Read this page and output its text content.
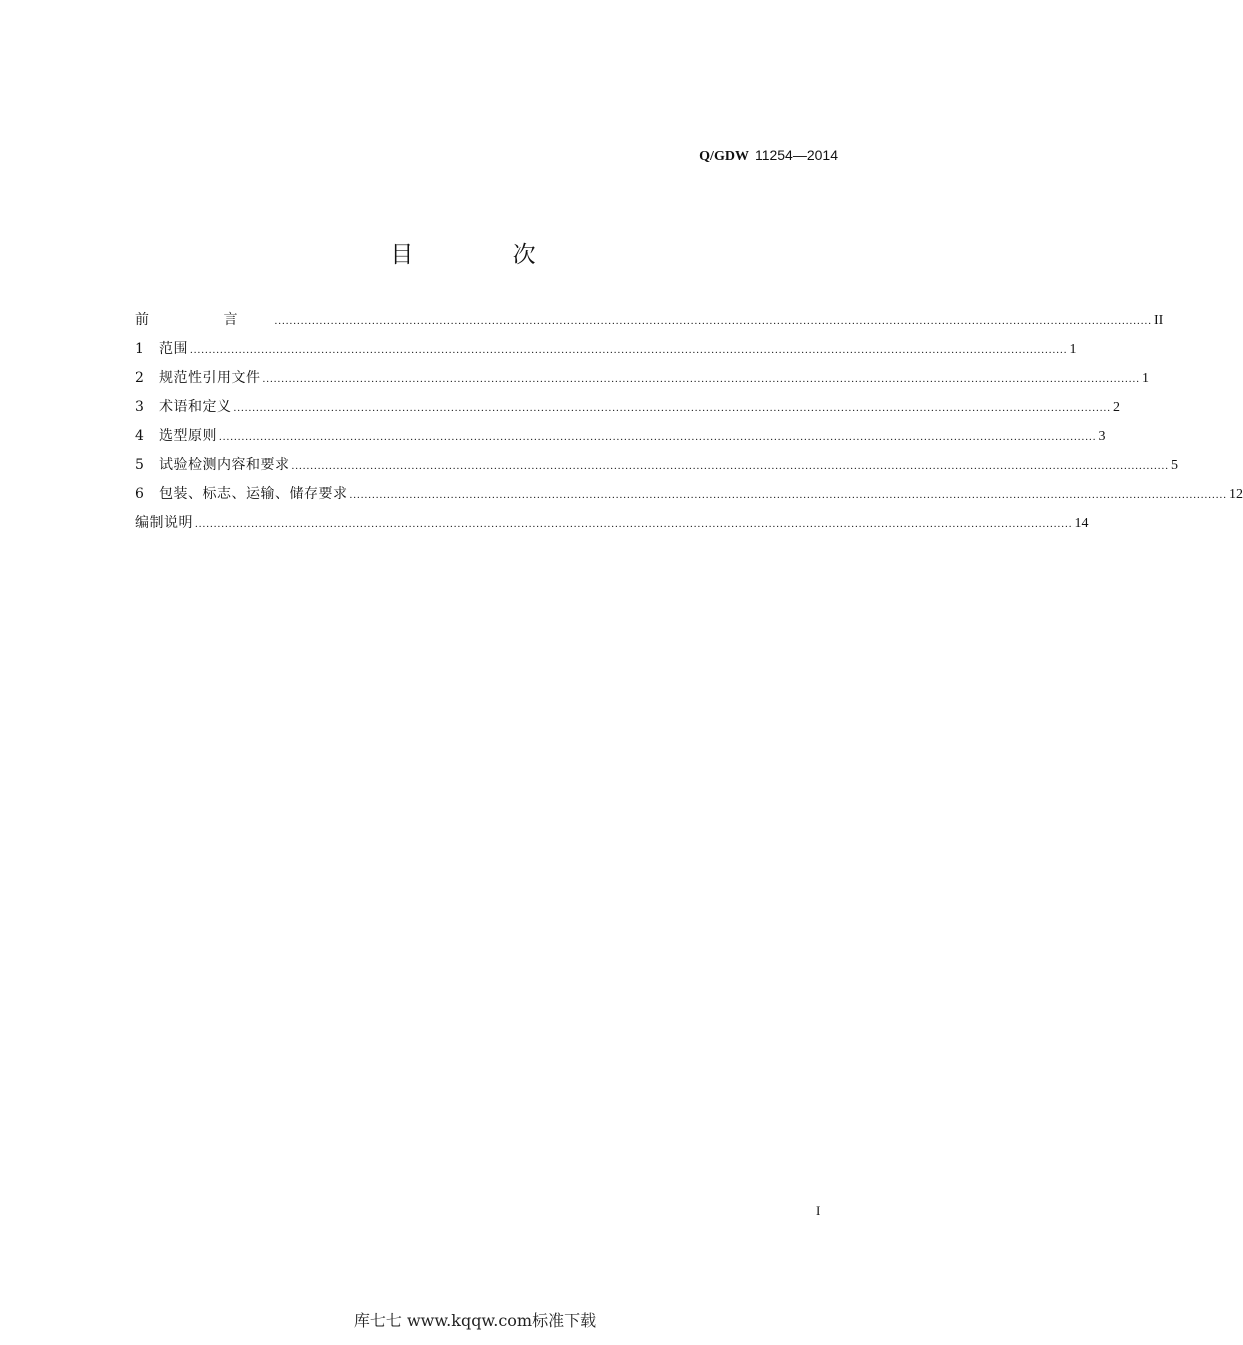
Q/GDW 11254—2014
目 次
前 言 .......................................................................................................................................................................................................................................... II
1	范围 .......................................................................................................................................................................................................................................... 1
2	规范性引用文件 .......................................................................................................................................................................................................................................... 1
3	术语和定义 .......................................................................................................................................................................................................................................... 2
4	选型原则 .......................................................................................................................................................................................................................................... 3
5	试验检测内容和要求 .......................................................................................................................................................................................................................................... 5
6	包装、标志、运输、储存要求 .......................................................................................................................................................................................................................................... 12
编制说明 .......................................................................................................................................................................................................................................... 14
I
库七七 www.kqqw.com标准下载
